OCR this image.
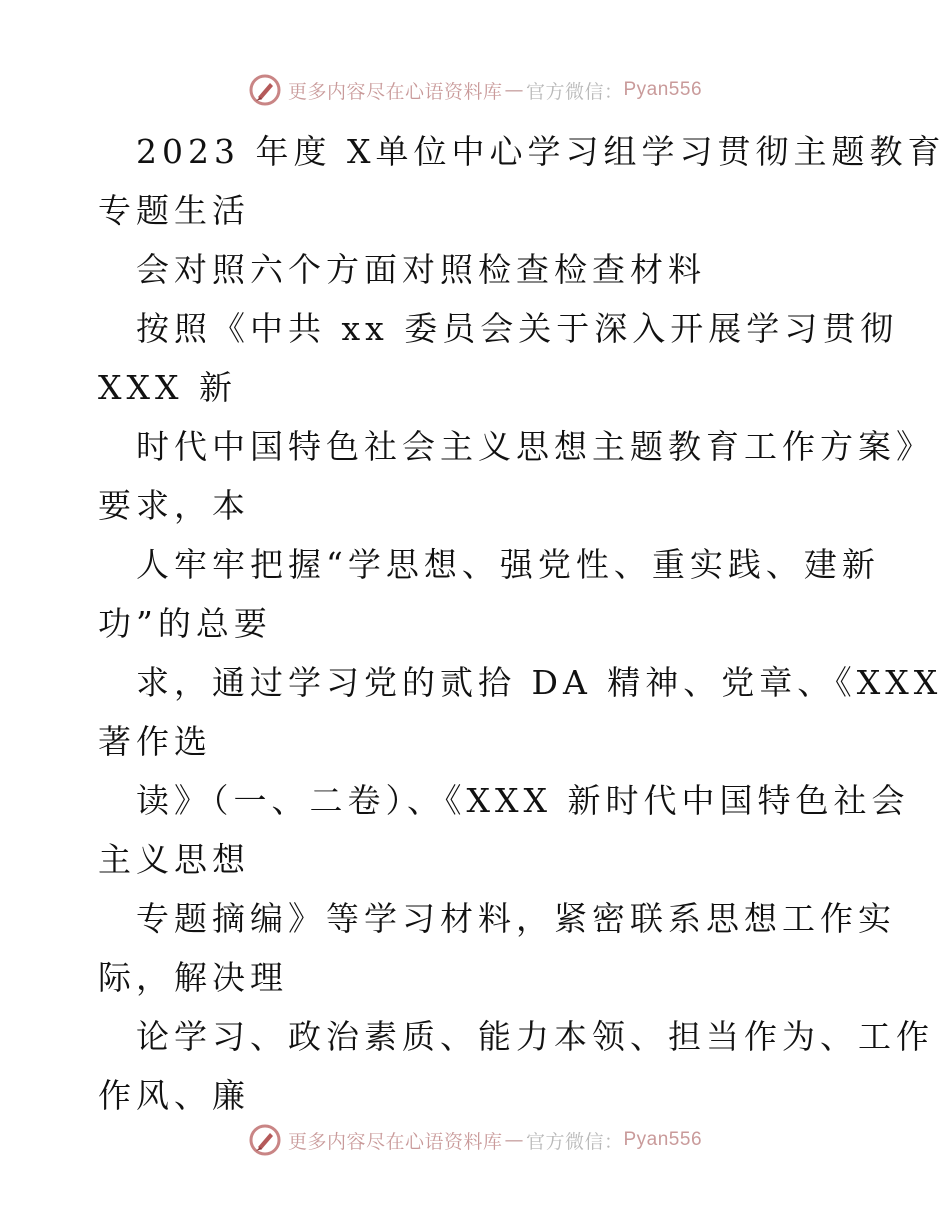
更多内容尽在心语资料库 — 官方微信： Pyan556

2023 年度 X单位中心学习组学习贯彻主题教育

专题生活

会对照六个方面对照检查检查材料

按照《中共 xx 委员会关于深入开展学习贯彻

XXX 新

时代中国特色社会主义思想主题教育工作方案》

要求，本

人牢牢把握“学思想、强党性、重实践、建新

功”的总要

求，通过学习党的贰拾 DA 精神、党章、《XXX

著作选

读》（一、二卷）、《XXX 新时代中国特色社会

主义思想

专题摘编》等学习材料，紧密联系思想工作实

际，解决理

论学习、政治素质、能力本领、担当作为、工作

作风、廉

更多内容尽在心语资料库 — 官方微信： Pyan556
